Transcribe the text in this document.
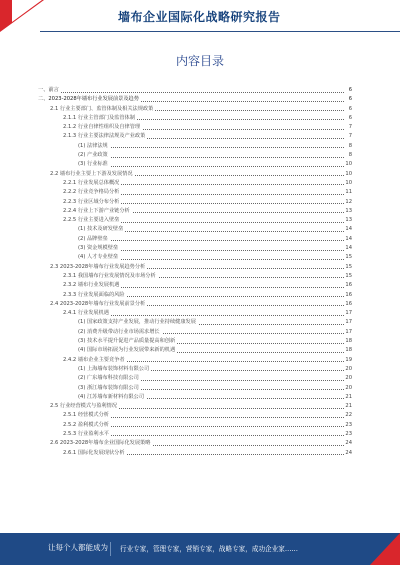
墙布企业国际化战略研究报告
内容目录
一、前言	6
二、2023-2028年墙布行业发展前景及趋势	6
2.1 行业主要部门、监管体制及相关法规政策	6
2.1.1 行业主管部门及监管体制	6
2.1.2 行业自律性组织及自律管理	7
2.1.3 行业主要法律法规及产业政策	7
(1) 法律法规	8
(2) 产业政策	8
(3) 行业标准	10
2.2 墙布行业主要上下游及发展情况	10
2.2.1 行业发展总体概况	10
2.2.2 行业竞争格局分析	11
2.2.3 行业区域分布分析	12
2.2.4 行业上下游产业链分析	13
2.2.5 行业主要进入壁垒	13
(1) 技术及研发壁垒	14
(2) 品牌壁垒	14
(3) 资金规模壁垒	14
(4) 人才专业壁垒	15
2.3 2023-2028年墙布行业发展趋势分析	15
2.3.1 我国墙布行业发展情况及市场分析	15
2.3.2 墙布行业发展机遇	16
2.3.3 行业发展面临的风险	16
2.4 2023-2028年墙布行业发展前景分析	16
2.4.1 行业发展机遇	17
(1) 国家政策支持产业发展，推动行业持续健康发展	17
(2) 消费升级带动行业市场需求增长	17
(3) 技术水平提升促进产品质量提高和创新	18
(4) 国际市场拓展为行业发展带来新的机遇	18
2.4.2 墙布企业主要竞争者	19
(1) 上海墙布装饰材料有限公司	20
(2) 广东墙布科技有限公司	20
(3) 浙江墙布装饰有限公司	20
(4) 江苏墙布新材料有限公司	21
2.5 行业经营模式与盈利情况	21
2.5.1 经营模式分析	22
2.5.2 盈利模式分析	23
2.5.3 行业盈利水平	23
2.6 2023-2028年墙布企业国际化发展策略	24
2.6.1 国际化发展现状分析	24
让每个人都能成为 行业专家，管理专家，营销专家，战略专家，成功企业家……
